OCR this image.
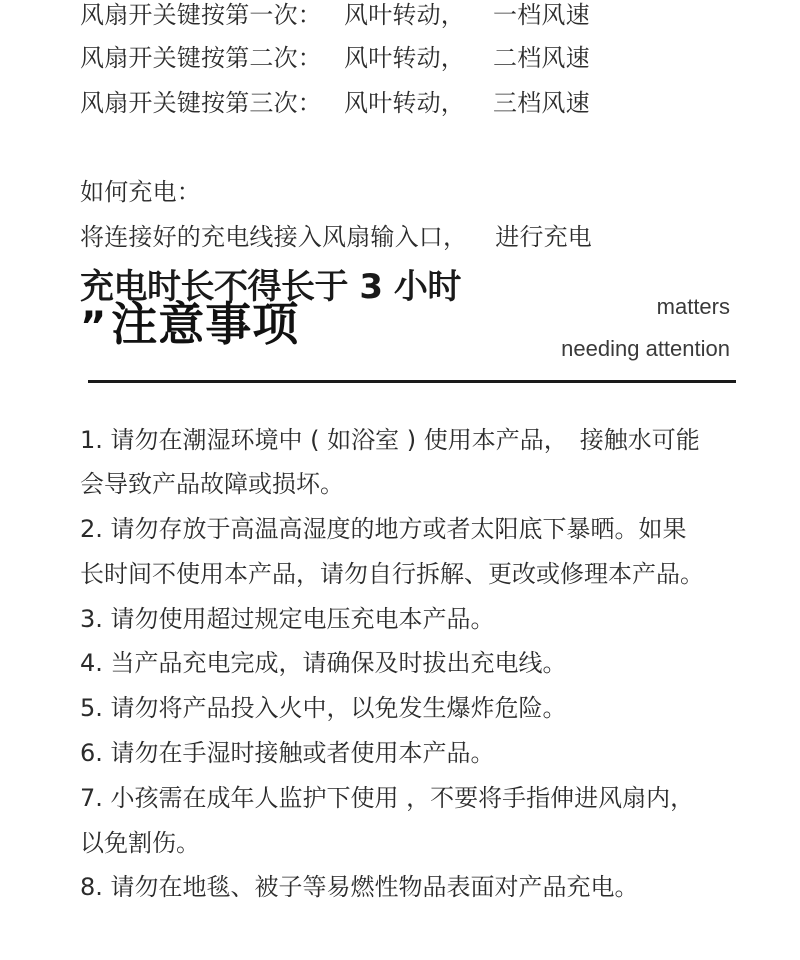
风扇开关键按第一次： 风叶转动， 一档风速
风扇开关键按第二次： 风叶转动， 二档风速
风扇开关键按第三次： 风叶转动， 三档风速
如何充电：
将连接好的充电线接入风扇输入口， 进行充电
充电时长不得长于 3 小时
”注意事项	matters
needing attention
1. 请勿在潮湿环境中 ( 如浴室 ) 使用本产品，　接触水可能
会导致产品故障或损坏。
2. 请勿存放于高温高湿度的地方或者太阳底下暴晒。如果
长时间不使用本产品，请勿自行拆解、更改或修理本产品。
3. 请勿使用超过规定电压充电本产品。
4. 当产品充电完成，请确保及时拔出充电线。
5. 请勿将产品投入火中，以免发生爆炸危险。
6. 请勿在手湿时接触或者使用本产品。
7. 小孩需在成年人监护下使用 ，不要将手指伸进风扇内，
以免割伤。
8. 请勿在地毯、被子等易燃性物品表面对产品充电。
